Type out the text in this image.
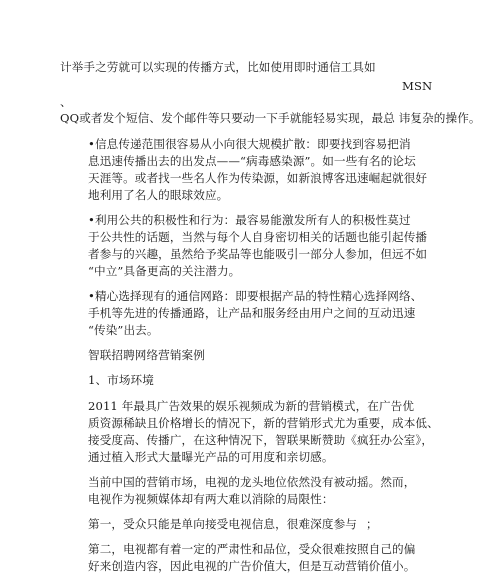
计举手之劳就可以实现的传播方式，比如使用即时通信工具如
MSN
、
QQ或者发个短信、发个邮件等只要动一下手就能轻易实现，最总 讳复杂的操作。
•信息传递范围很容易从小向很大规模扩散：即要找到容易把消
息迅速传播出去的出发点——“病毒感染源”。如一些有名的论坛
天涯等。或者找一些名人作为传染源，如新浪博客迅速崛起就很好
地利用了名人的眼球效应。
•利用公共的积极性和行为：最容易能激发所有人的积极性莫过
于公共性的话题，当然与每个人自身密切相关的话题也能引起传播
者参与的兴趣，虽然给予奖品等也能吸引一部分人参加，但远不如
“中立”具备更高的关注潜力。
•精心选择现有的通信网路：即要根据产品的特性精心选择网络、
手机等先进的传播通路，让产品和服务经由用户之间的互动迅速
“传染”出去。
智联招聘网络营销案例
1、市场环境
2011 年最具广告效果的娱乐视频成为新的营销模式，在广告优
质资源稀缺且价格增长的情况下，新的营销形式尤为重要，成本低、
接受度高、传播广，在这种情况下，智联果断赞助《疯狂办公室》，
通过植入形式大量曝光产品的可用度和亲切感。
当前中国的营销市场，电视的龙头地位依然没有被动摇。然而，
电视作为视频媒体却有两大难以消除的局限性：
第一，受众只能是单向接受电视信息，很难深度参与 ；
第二，电视都有着一定的严肃性和品位，受众很难按照自己的偏
好来创造内容，因此电视的广告价值大，但是互动营销价值小。
